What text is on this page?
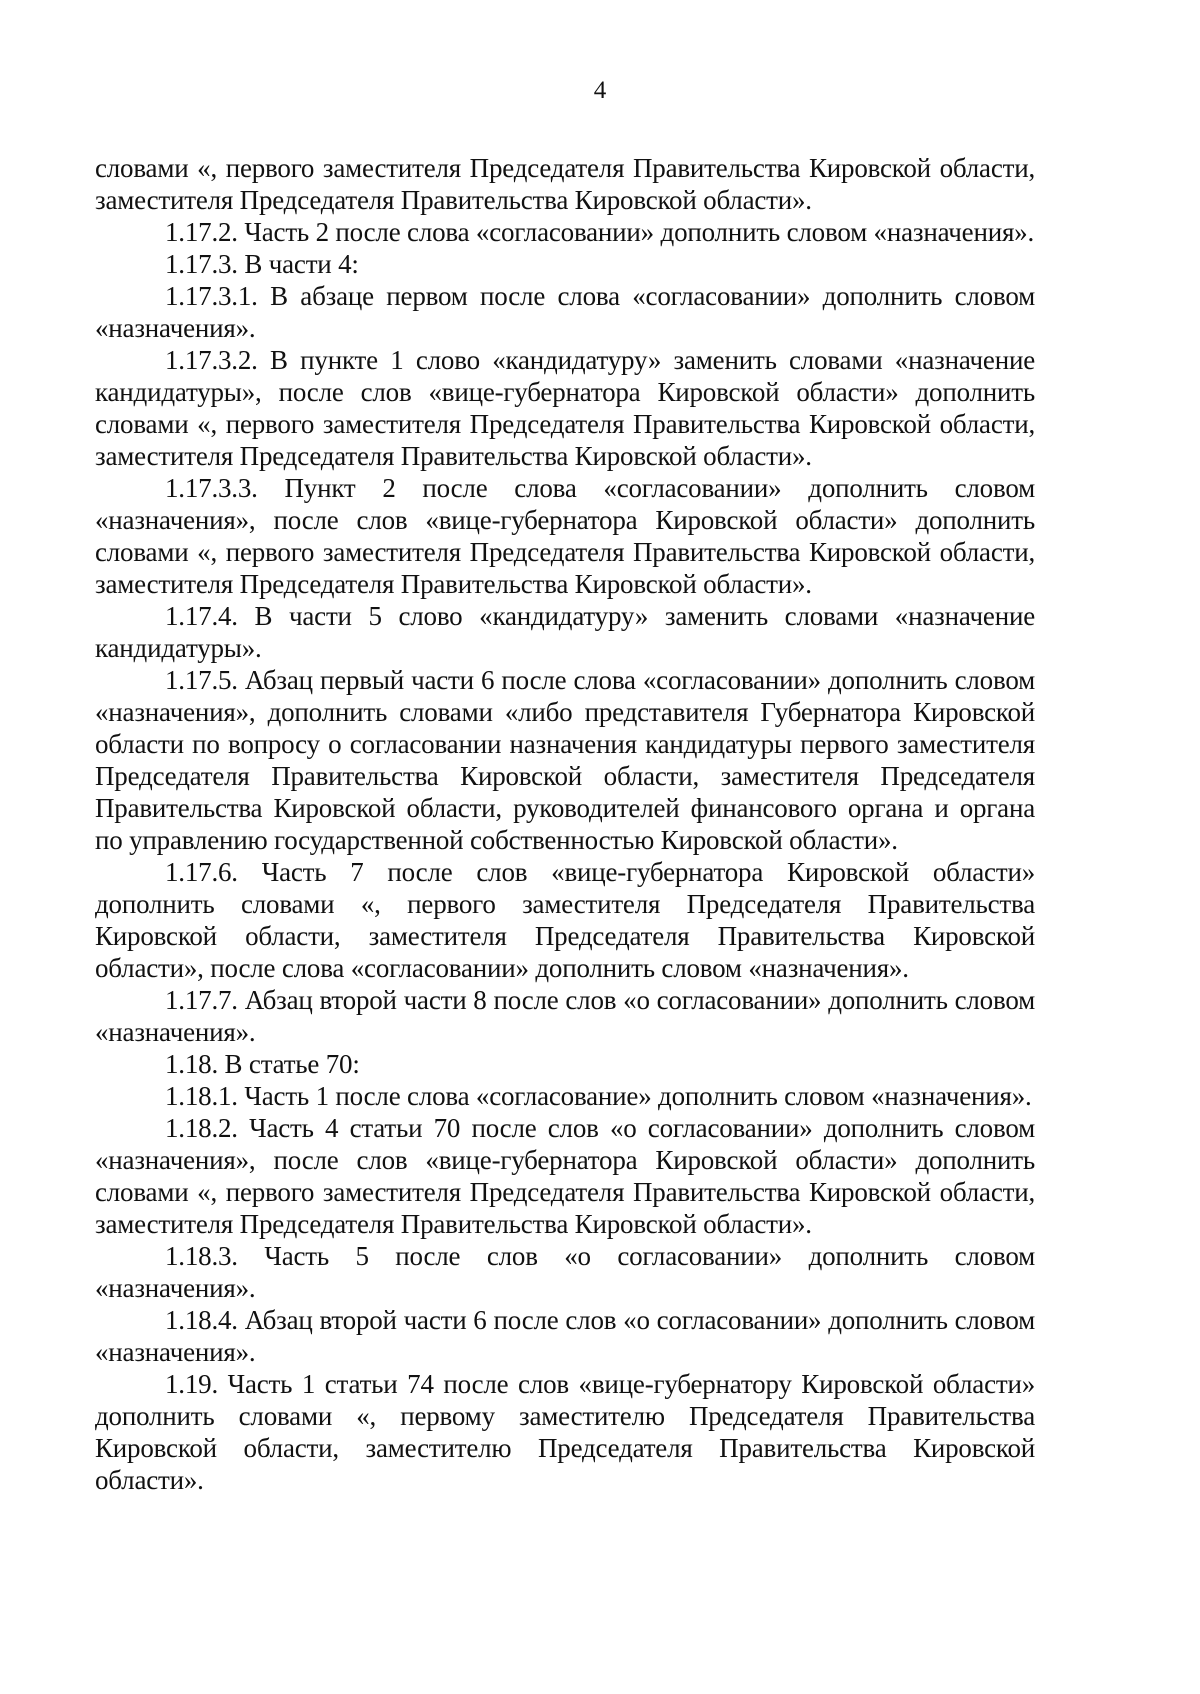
4

словами «, первого заместителя Председателя Правительства Кировской области, заместителя Председателя Правительства Кировской области».

1.17.2. Часть 2 после слова «согласовании» дополнить словом «назначения».

1.17.3. В части 4:

1.17.3.1. В абзаце первом после слова «согласовании» дополнить словом «назначения».

1.17.3.2. В пункте 1 слово «кандидатуру» заменить словами «назначение кандидатуры», после слов «вице-губернатора Кировской области» дополнить словами «, первого заместителя Председателя Правительства Кировской области, заместителя Председателя Правительства Кировской области».

1.17.3.3. Пункт 2 после слова «согласовании» дополнить словом «назначения», после слов «вице-губернатора Кировской области» дополнить словами «, первого заместителя Председателя Правительства Кировской области, заместителя Председателя Правительства Кировской области».

1.17.4. В части 5 слово «кандидатуру» заменить словами «назначение кандидатуры».

1.17.5. Абзац первый части 6 после слова «согласовании» дополнить словом «назначения», дополнить словами «либо представителя Губернатора Кировской области по вопросу о согласовании назначения кандидатуры первого заместителя Председателя Правительства Кировской области, заместителя Председателя Правительства Кировской области, руководителей финансового органа и органа по управлению государственной собственностью Кировской области».

1.17.6. Часть 7 после слов «вице-губернатора Кировской области» дополнить словами «, первого заместителя Председателя Правительства Кировской области, заместителя Председателя Правительства Кировской области», после слова «согласовании» дополнить словом «назначения».

1.17.7. Абзац второй части 8 после слов «о согласовании» дополнить словом «назначения».

1.18. В статье 70:

1.18.1. Часть 1 после слова «согласование» дополнить словом «назначения».

1.18.2. Часть 4 статьи 70 после слов «о согласовании» дополнить словом «назначения», после слов «вице-губернатора Кировской области» дополнить словами «, первого заместителя Председателя Правительства Кировской области, заместителя Председателя Правительства Кировской области».

1.18.3. Часть 5 после слов «о согласовании» дополнить словом «назначения».

1.18.4. Абзац второй части 6 после слов «о согласовании» дополнить словом «назначения».

1.19. Часть 1 статьи 74 после слов «вице-губернатору Кировской области» дополнить словами «, первому заместителю Председателя Правительства Кировской области, заместителю Председателя Правительства Кировской области».
